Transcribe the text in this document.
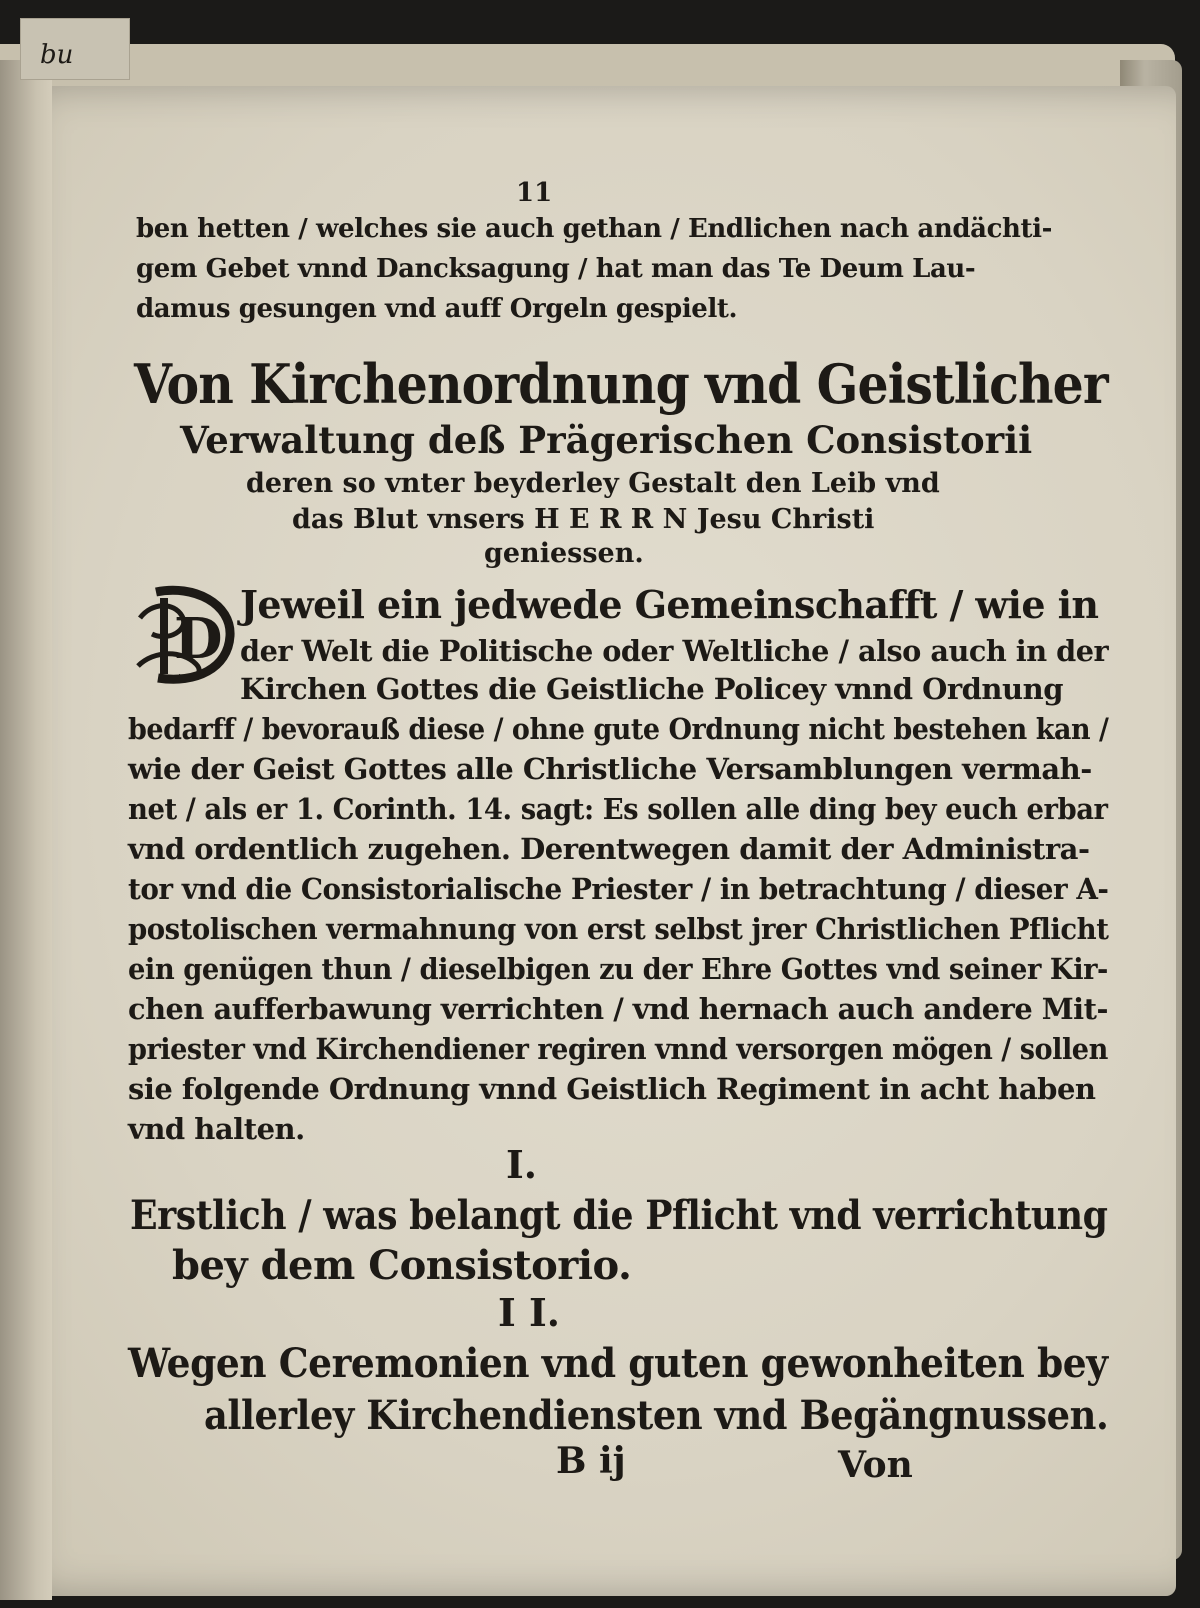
bu
11
ben hetten / welches sie auch gethan / Endlichen nach andächti-
gem Gebet vnnd Dancksagung / hat man das Te Deum Lau-
damus gesungen vnd auff Orgeln gespielt.
Von Kirchenordnung vnd Geistlicher
Verwaltung deß Prägerischen Consistorii
deren so vnter beyderley Gestalt den Leib vnd
das Blut vnsers H E R R N Jesu Christi
geniessen.
D
Jeweil ein jedwede Gemeinschafft / wie in
der Welt die Politische oder Weltliche / also auch in der
Kirchen Gottes die Geistliche Policey vnnd Ordnung
bedarff / bevorauß diese / ohne gute Ordnung nicht bestehen kan /
wie der Geist Gottes alle Christliche Versamblungen vermah-
net / als er 1. Corinth. 14. sagt: Es sollen alle ding bey euch erbar
vnd ordentlich zugehen. Derentwegen damit der Administra-
tor vnd die Consistorialische Priester / in betrachtung / dieser A-
postolischen vermahnung von erst selbst jrer Christlichen Pflicht
ein genügen thun / dieselbigen zu der Ehre Gottes vnd seiner Kir-
chen aufferbawung verrichten / vnd hernach auch andere Mit-
priester vnd Kirchendiener regiren vnnd versorgen mögen / sollen
sie folgende Ordnung vnnd Geistlich Regiment in acht haben
vnd halten.
I.
Erstlich / was belangt die Pflicht vnd verrichtung
bey dem Consistorio.
I I.
Wegen Ceremonien vnd guten gewonheiten bey
allerley Kirchendiensten vnd Begängnussen.
B ij	Von
